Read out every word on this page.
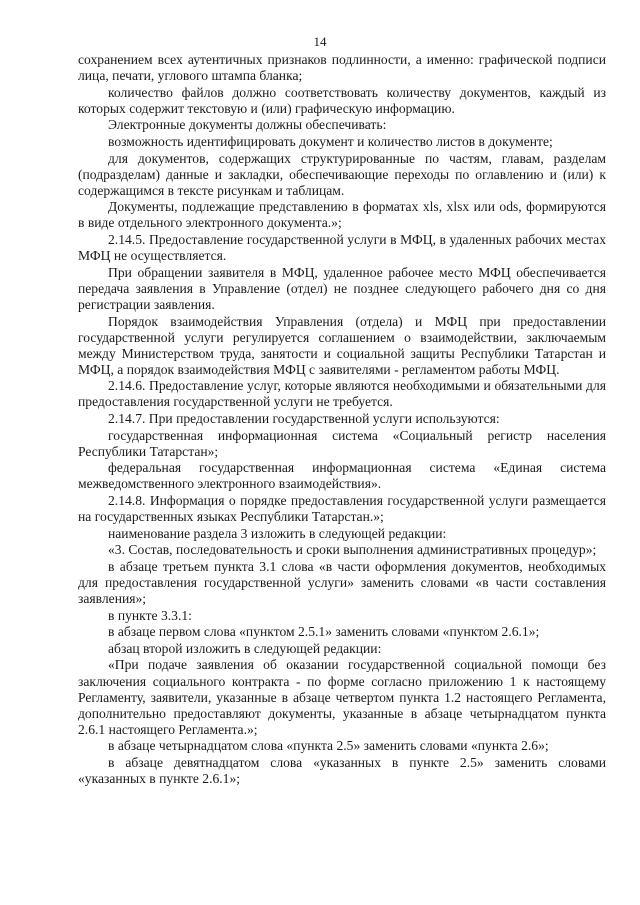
14

сохранением всех аутентичных признаков подлинности, а именно: графической подписи лица, печати, углового штампа бланка;

количество файлов должно соответствовать количеству документов, каждый из которых содержит текстовую и (или) графическую информацию.

Электронные документы должны обеспечивать:

возможность идентифицировать документ и количество листов в документе;

для документов, содержащих структурированные по частям, главам, разделам (подразделам) данные и закладки, обеспечивающие переходы по оглавлению и (или) к содержащимся в тексте рисункам и таблицам.

Документы, подлежащие представлению в форматах xls, xlsx или ods, формируются в виде отдельного электронного документа.»;

2.14.5. Предоставление государственной услуги в МФЦ, в удаленных рабочих местах МФЦ не осуществляется.

При обращении заявителя в МФЦ, удаленное рабочее место МФЦ обеспечивается передача заявления в Управление (отдел) не позднее следующего рабочего дня со дня регистрации заявления.

Порядок взаимодействия Управления (отдела) и МФЦ при предоставлении государственной услуги регулируется соглашением о взаимодействии, заключаемым между Министерством труда, занятости и социальной защиты Республики Татарстан и МФЦ, а порядок взаимодействия МФЦ с заявителями - регламентом работы МФЦ.

2.14.6. Предоставление услуг, которые являются необходимыми и обязательными для предоставления государственной услуги не требуется.

2.14.7. При предоставлении государственной услуги используются:

государственная информационная система «Социальный регистр населения Республики Татарстан»;

федеральная государственная информационная система «Единая система межведомственного электронного взаимодействия».

2.14.8. Информация о порядке предоставления государственной услуги размещается на государственных языках Республики Татарстан.»;

наименование раздела 3 изложить в следующей редакции:

«3. Состав, последовательность и сроки выполнения административных процедур»;

в абзаце третьем пункта 3.1 слова «в части оформления документов, необходимых для предоставления государственной услуги» заменить словами «в части составления заявления»;

в пункте 3.3.1:

в абзаце первом слова «пунктом 2.5.1» заменить словами «пунктом 2.6.1»;

абзац второй изложить в следующей редакции:

«При подаче заявления об оказании государственной социальной помощи без заключения социального контракта - по форме согласно приложению 1 к настоящему Регламенту, заявители, указанные в абзаце четвертом пункта 1.2 настоящего Регламента, дополнительно предоставляют документы, указанные в абзаце четырнадцатом пункта 2.6.1 настоящего Регламента.»;

в абзаце четырнадцатом слова «пункта 2.5» заменить словами «пункта 2.6»;

в абзаце девятнадцатом слова «указанных в пункте 2.5» заменить словами «указанных в пункте 2.6.1»;
